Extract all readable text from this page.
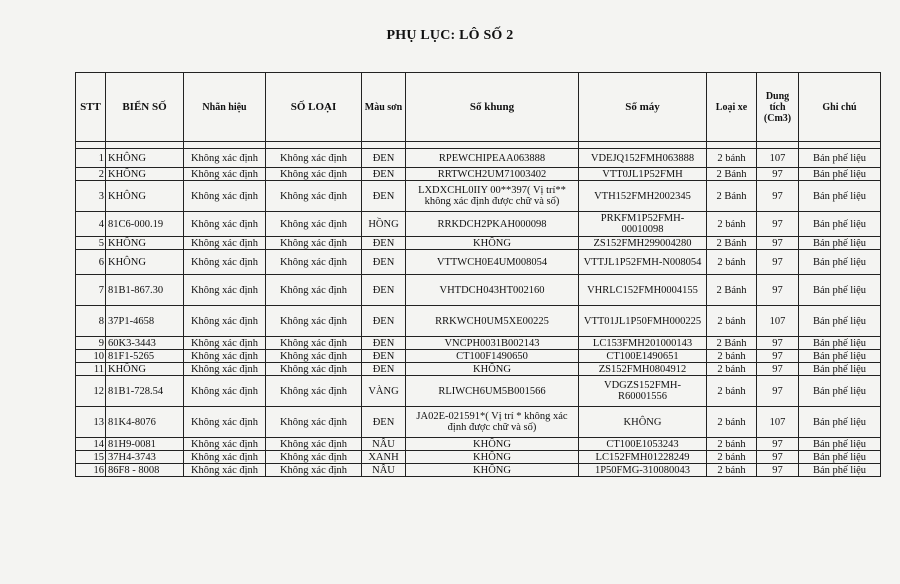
PHỤ LỤC: LÔ SỐ 2
STT	BIỂN SỐ	Nhãn hiệu	SỐ LOẠI	Màu sơn	Số khung	Số máy	Loại xe	Dung tích (Cm3)	Ghi chú

1	KHÔNG	Không xác định	Không xác định	ĐEN	RPEWCHIPEAA063888	VDEJQ152FMH063888	2 bánh	107	Bán phế liệu
2	KHÔNG	Không xác định	Không xác định	ĐEN	RRTWCH2UM71003402	VTT0JL1P52FMH	2 Bánh	97	Bán phế liệu
3	KHÔNG	Không xác định	Không xác định	ĐEN	LXDXCHL0IIY 00**397( Vị trí** không xác định được chữ và số)	VTH152FMH2002345	2 Bánh	97	Bán phế liệu
4	81C6-000.19	Không xác định	Không xác định	HỒNG	RRKDCH2PKAH000098	PRKFM1P52FMH-00010098	2 bánh	97	Bán phế liệu
5	KHÔNG	Không xác định	Không xác định	ĐEN	KHÔNG	ZS152FMH299004280	2 Bánh	97	Bán phế liệu
6	KHÔNG	Không xác định	Không xác định	ĐEN	VTTWCH0E4UM008054	VTTJL1P52FMH-N008054	2 bánh	97	Bán phế liệu
7	81B1-867.30	Không xác định	Không xác định	ĐEN	VHTDCH043HT002160	VHRLC152FMH0004155	2 Bánh	97	Bán phế liệu
8	37P1-4658	Không xác định	Không xác định	ĐEN	RRKWCH0UM5XE00225	VTT01JL1P50FMH000225	2 bánh	107	Bán phế liệu
9	60K3-3443	Không xác định	Không xác định	ĐEN	VNCPH0031B002143	LC153FMH201000143	2 Bánh	97	Bán phế liệu
10	81F1-5265	Không xác định	Không xác định	ĐEN	CT100F1490650	CT100E1490651	2 bánh	97	Bán phế liệu
11	KHÔNG	Không xác định	Không xác định	ĐEN	KHÔNG	ZS152FMH0804912	2 bánh	97	Bán phế liệu
12	81B1-728.54	Không xác định	Không xác định	VÀNG	RLIWCH6UM5B001566	VDGZS152FMH-R60001556	2 bánh	97	Bán phế liệu
13	81K4-8076	Không xác định	Không xác định	ĐEN	JA02E-021591*( Vị trí * không xác định được chữ và số)	KHÔNG	2 bánh	107	Bán phế liệu
14	81H9-0081	Không xác định	Không xác định	NÂU	KHÔNG	CT100E1053243	2 bánh	97	Bán phế liệu
15	37H4-3743	Không xác định	Không xác định	XANH	KHÔNG	LC152FMH01228249	2 bánh	97	Bán phế liệu
16	86F8 - 8008	Không xác định	Không xác định	NÂU	KHÔNG	1P50FMG-310080043	2 bánh	97	Bán phế liệu
